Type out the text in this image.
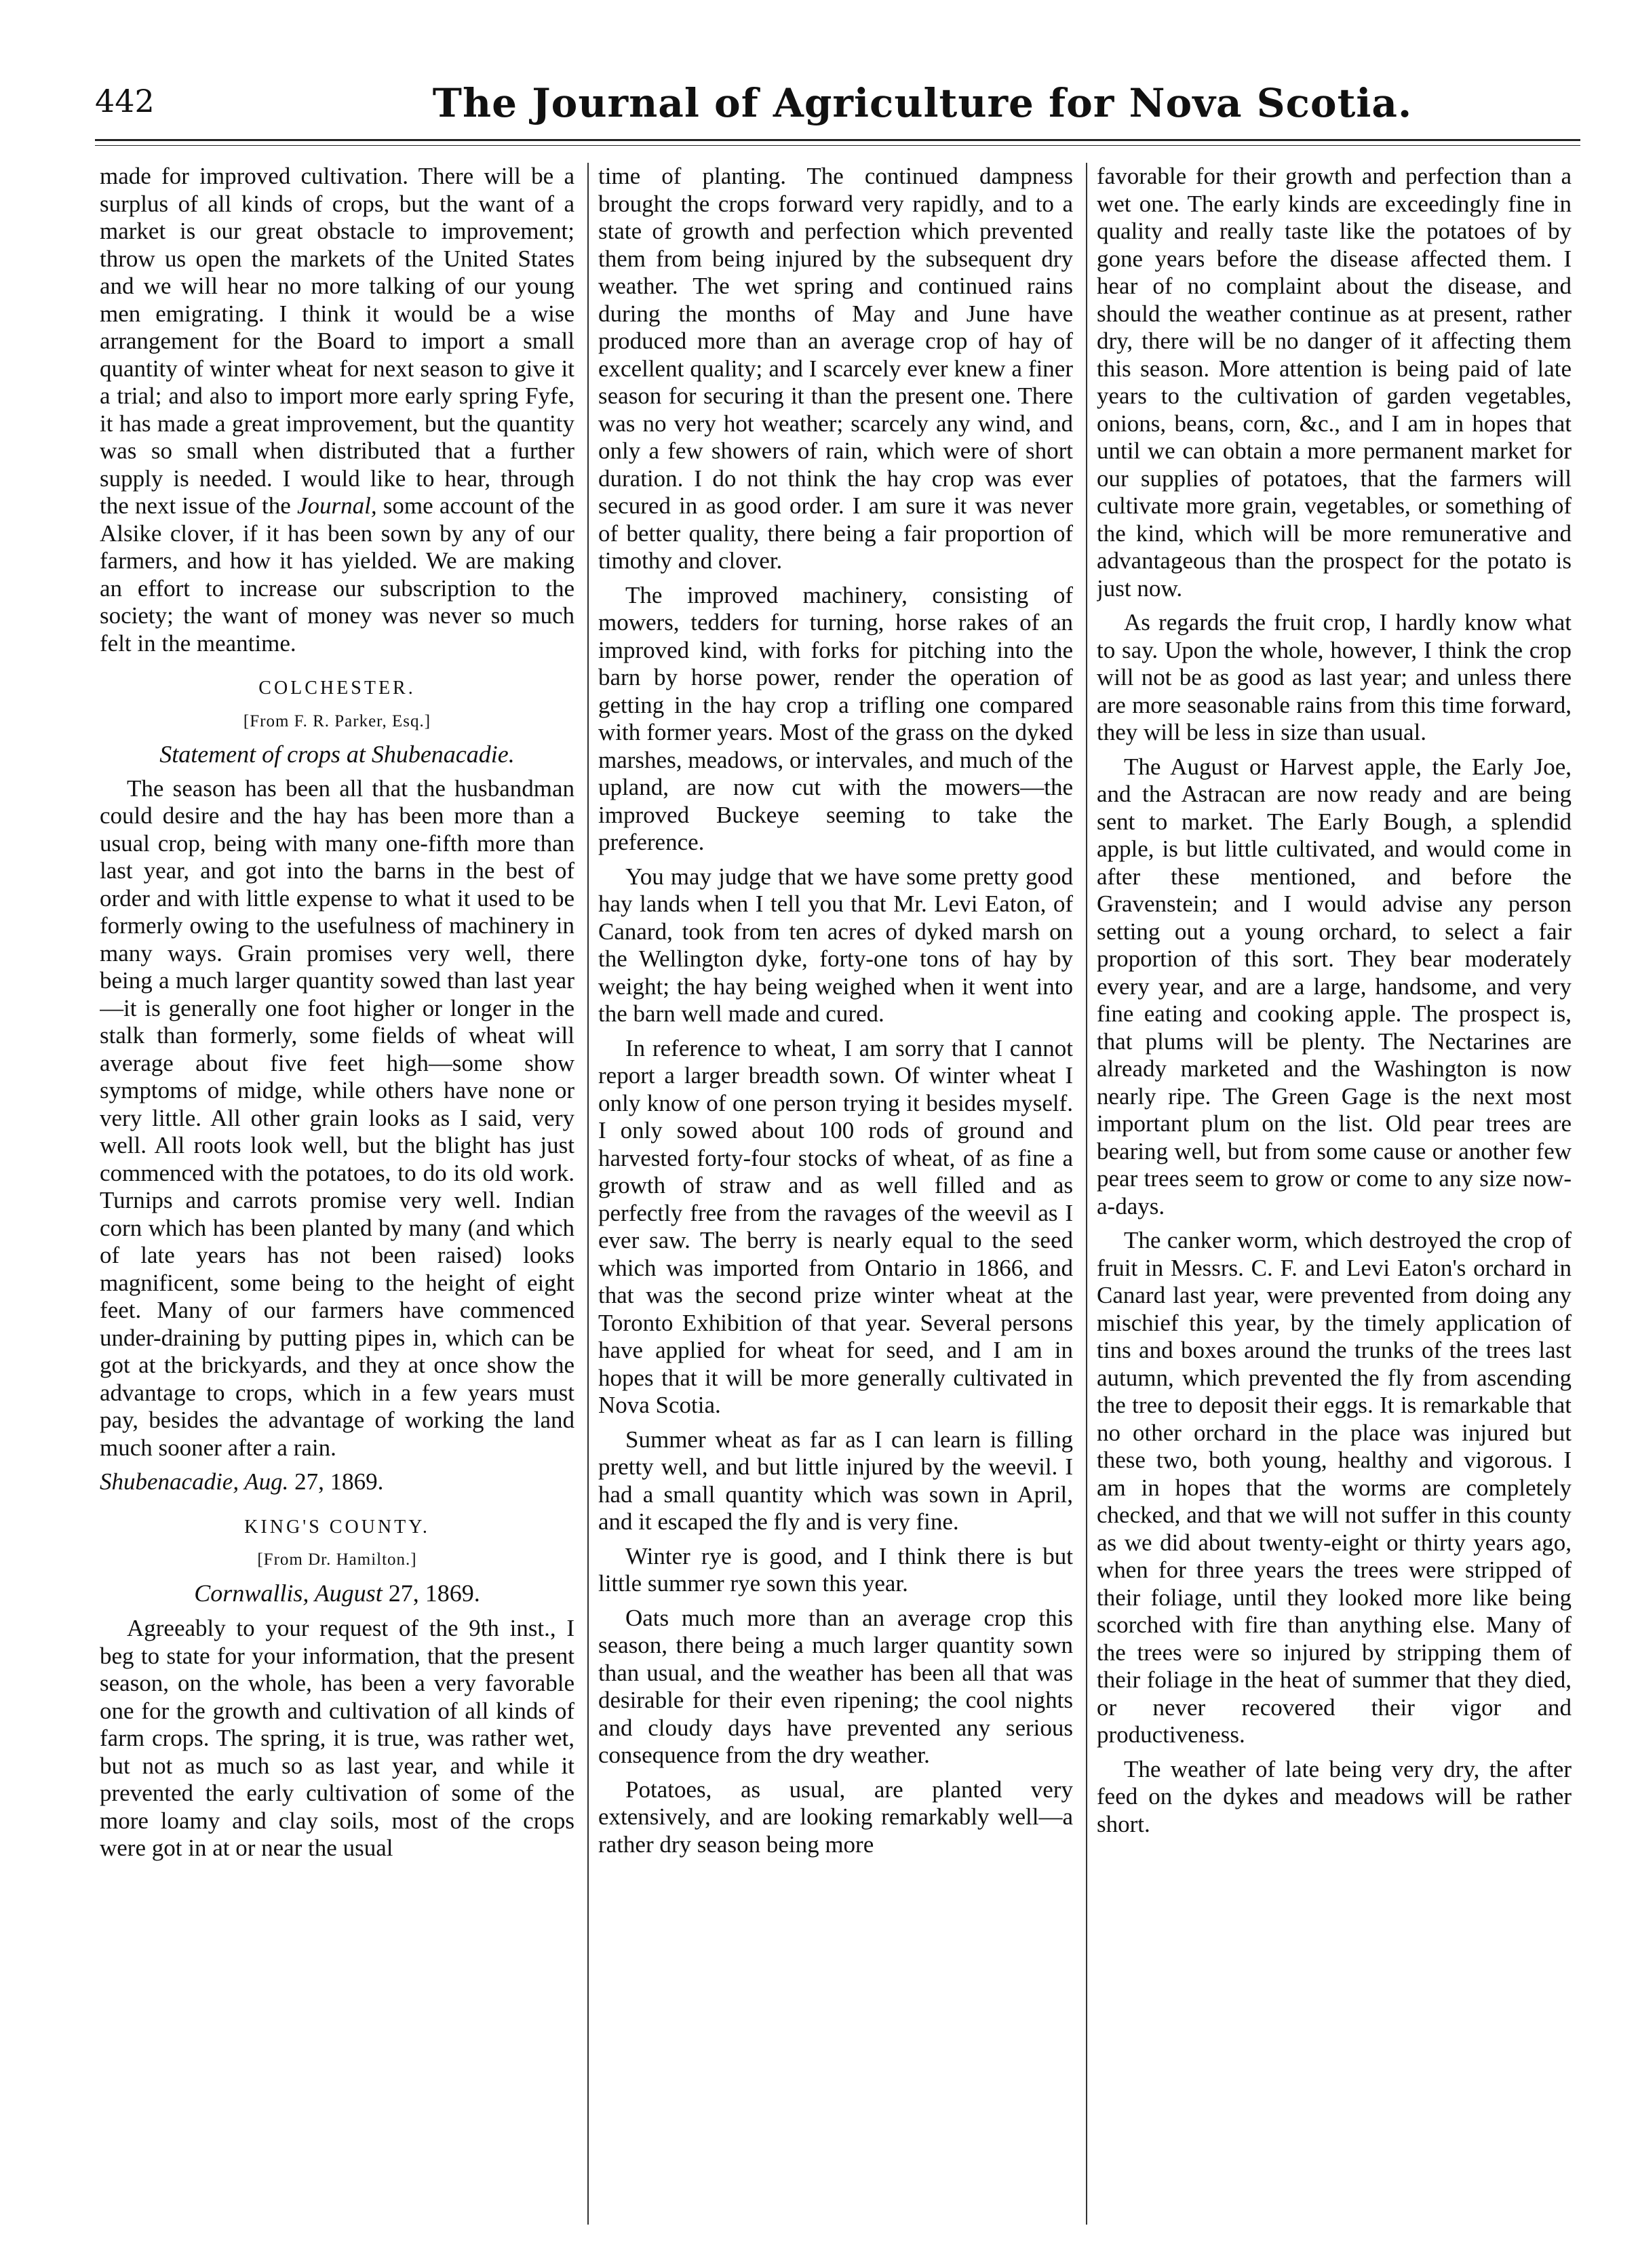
442	The Journal of Agriculture for Nova Scotia.

made for improved cultivation. There will be a surplus of all kinds of crops, but the want of a market is our great obstacle to improvement; throw us open the markets of the United States and we will hear no more talking of our young men emigrating. I think it would be a wise arrangement for the Board to import a small quantity of winter wheat for next season to give it a trial; and also to import more early spring Fyfe, it has made a great improvement, but the quantity was so small when distributed that a further supply is needed. I would like to hear, through the next issue of the Journal, some account of the Alsike clover, if it has been sown by any of our farmers, and how it has yielded. We are making an effort to increase our subscription to the society; the want of money was never so much felt in the meantime.

COLCHESTER.
[From F. R. Parker, Esq.]
Statement of crops at Shubenacadie.

The season has been all that the husbandman could desire and the hay has been more than a usual crop, being with many one-fifth more than last year, and got into the barns in the best of order and with little expense to what it used to be formerly owing to the usefulness of machinery in many ways. Grain promises very well, there being a much larger quantity sowed than last year—it is generally one foot higher or longer in the stalk than formerly, some fields of wheat will average about five feet high—some show symptoms of midge, while others have none or very little. All other grain looks as I said, very well. All roots look well, but the blight has just commenced with the potatoes, to do its old work. Turnips and carrots promise very well. Indian corn which has been planted by many (and which of late years has not been raised) looks magnificent, some being to the height of eight feet. Many of our farmers have commenced under-draining by putting pipes in, which can be got at the brickyards, and they at once show the advantage to crops, which in a few years must pay, besides the advantage of working the land much sooner after a rain.

Shubenacadie, Aug. 27, 1869.

KING'S COUNTY.
[From Dr. Hamilton.]
Cornwallis, August 27, 1869.

Agreeably to your request of the 9th inst., I beg to state for your information, that the present season, on the whole, has been a very favorable one for the growth and cultivation of all kinds of farm crops. The spring, it is true, was rather wet, but not as much so as last year, and while it prevented the early cultivation of some of the more loamy and clay soils, most of the crops were got in at or near the usual

time of planting. The continued dampness brought the crops forward very rapidly, and to a state of growth and perfection which prevented them from being injured by the subsequent dry weather. The wet spring and continued rains during the months of May and June have produced more than an average crop of hay of excellent quality; and I scarcely ever knew a finer season for securing it than the present one. There was no very hot weather; scarcely any wind, and only a few showers of rain, which were of short duration. I do not think the hay crop was ever secured in as good order. I am sure it was never of better quality, there being a fair proportion of timothy and clover.

The improved machinery, consisting of mowers, tedders for turning, horse rakes of an improved kind, with forks for pitching into the barn by horse power, render the operation of getting in the hay crop a trifling one compared with former years. Most of the grass on the dyked marshes, meadows, or intervales, and much of the upland, are now cut with the mowers—the improved Buckeye seeming to take the preference.

You may judge that we have some pretty good hay lands when I tell you that Mr. Levi Eaton, of Canard, took from ten acres of dyked marsh on the Wellington dyke, forty-one tons of hay by weight; the hay being weighed when it went into the barn well made and cured.

In reference to wheat, I am sorry that I cannot report a larger breadth sown. Of winter wheat I only know of one person trying it besides myself. I only sowed about 100 rods of ground and harvested forty-four stocks of wheat, of as fine a growth of straw and as well filled and as perfectly free from the ravages of the weevil as I ever saw. The berry is nearly equal to the seed which was imported from Ontario in 1866, and that was the second prize winter wheat at the Toronto Exhibition of that year. Several persons have applied for wheat for seed, and I am in hopes that it will be more generally cultivated in Nova Scotia.

Summer wheat as far as I can learn is filling pretty well, and but little injured by the weevil. I had a small quantity which was sown in April, and it escaped the fly and is very fine.

Winter rye is good, and I think there is but little summer rye sown this year.

Oats much more than an average crop this season, there being a much larger quantity sown than usual, and the weather has been all that was desirable for their even ripening; the cool nights and cloudy days have prevented any serious consequence from the dry weather.

Potatoes, as usual, are planted very extensively, and are looking remarkably well—a rather dry season being more

favorable for their growth and perfection than a wet one. The early kinds are exceedingly fine in quality and really taste like the potatoes of by gone years before the disease affected them. I hear of no complaint about the disease, and should the weather continue as at present, rather dry, there will be no danger of it affecting them this season. More attention is being paid of late years to the cultivation of garden vegetables, onions, beans, corn, &c., and I am in hopes that until we can obtain a more permanent market for our supplies of potatoes, that the farmers will cultivate more grain, vegetables, or something of the kind, which will be more remunerative and advantageous than the prospect for the potato is just now.

As regards the fruit crop, I hardly know what to say. Upon the whole, however, I think the crop will not be as good as last year; and unless there are more seasonable rains from this time forward, they will be less in size than usual.

The August or Harvest apple, the Early Joe, and the Astracan are now ready and are being sent to market. The Early Bough, a splendid apple, is but little cultivated, and would come in after these mentioned, and before the Gravenstein; and I would advise any person setting out a young orchard, to select a fair proportion of this sort. They bear moderately every year, and are a large, handsome, and very fine eating and cooking apple. The prospect is, that plums will be plenty. The Nectarines are already marketed and the Washington is now nearly ripe. The Green Gage is the next most important plum on the list. Old pear trees are bearing well, but from some cause or another few pear trees seem to grow or come to any size now-a-days.

The canker worm, which destroyed the crop of fruit in Messrs. C. F. and Levi Eaton's orchard in Canard last year, were prevented from doing any mischief this year, by the timely application of tins and boxes around the trunks of the trees last autumn, which prevented the fly from ascending the tree to deposit their eggs. It is remarkable that no other orchard in the place was injured but these two, both young, healthy and vigorous. I am in hopes that the worms are completely checked, and that we will not suffer in this county as we did about twenty-eight or thirty years ago, when for three years the trees were stripped of their foliage, until they looked more like being scorched with fire than anything else. Many of the trees were so injured by stripping them of their foliage in the heat of summer that they died, or never recovered their vigor and productiveness.

The weather of late being very dry, the after feed on the dykes and meadows will be rather short.
